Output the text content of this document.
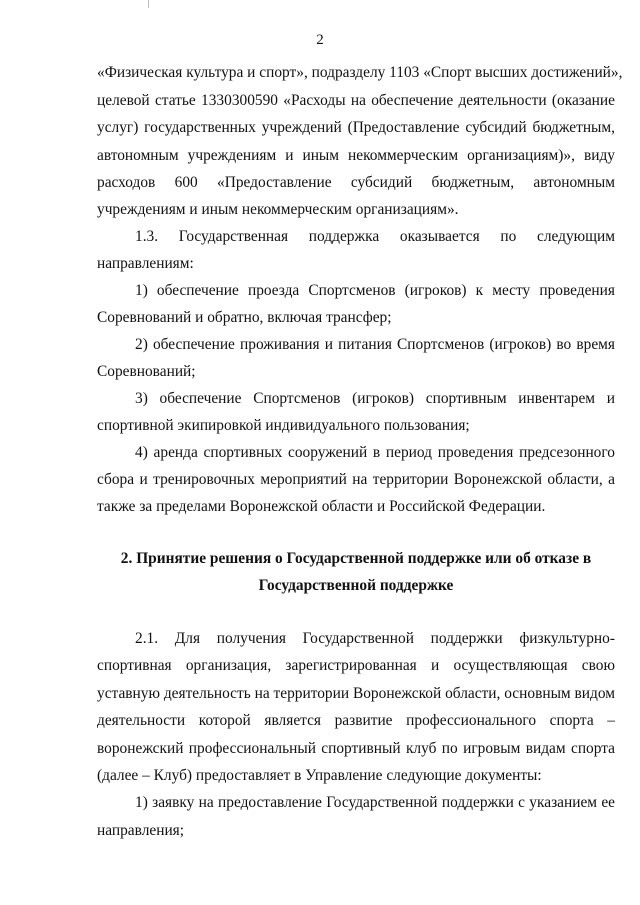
2
«Физическая культура и спорт», подразделу 1103 «Спорт высших достижений»,
целевой статье 1330300590 «Расходы на обеспечение деятельности (оказание
услуг) государственных учреждений (Предоставление субсидий бюджетным,
автономным учреждениям и иным некоммерческим организациям)», виду
расходов 600 «Предоставление субсидий бюджетным, автономным
учреждениям и иным некоммерческим организациям».
1.3. Государственная поддержка оказывается по следующим
направлениям:
1) обеспечение проезда Спортсменов (игроков) к месту проведения
Соревнований и обратно, включая трансфер;
2) обеспечение проживания и питания Спортсменов (игроков) во время
Соревнований;
3) обеспечение Спортсменов (игроков) спортивным инвентарем и
спортивной экипировкой индивидуального пользования;
4) аренда спортивных сооружений в период проведения предсезонного
сбора и тренировочных мероприятий на территории Воронежской области, а
также за пределами Воронежской области и Российской Федерации.
2. Принятие решения о Государственной поддержке или об отказе в
Государственной поддержке
2.1. Для получения Государственной поддержки физкультурно-
спортивная организация, зарегистрированная и осуществляющая свою
уставную деятельность на территории Воронежской области, основным видом
деятельности которой является развитие профессионального спорта –
воронежский профессиональный спортивный клуб по игровым видам спорта
(далее – Клуб) предоставляет в Управление следующие документы:
1) заявку на предоставление Государственной поддержки с указанием ее
направления;
